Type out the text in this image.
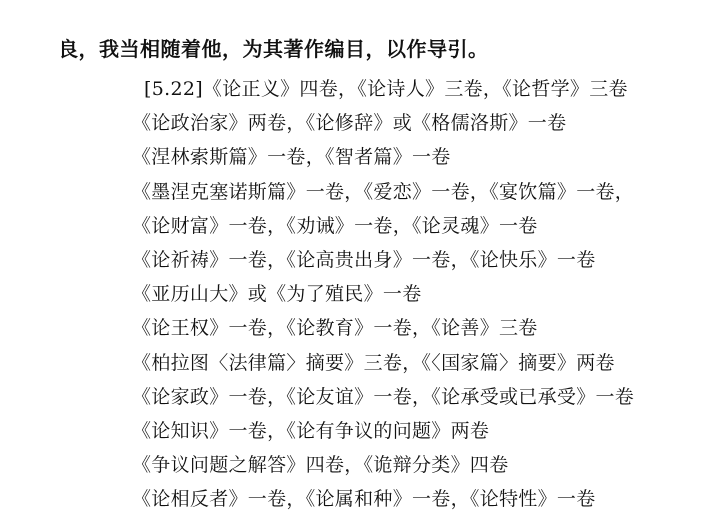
良，我当相随着他，为其著作编目，以作导引。
[5.22]《论正义》四卷，《论诗人》三卷，《论哲学》三卷
《论政治家》两卷，《论修辞》或《格儒洛斯》一卷
《涅林索斯篇》一卷，《智者篇》一卷
《墨涅克塞诺斯篇》一卷，《爱恋》一卷，《宴饮篇》一卷，
《论财富》一卷，《劝诫》一卷，《论灵魂》一卷
《论祈祷》一卷，《论高贵出身》一卷，《论快乐》一卷
《亚历山大》或《为了殖民》一卷
《论王权》一卷，《论教育》一卷，《论善》三卷
《柏拉图〈法律篇〉摘要》三卷，《〈国家篇〉摘要》两卷
《论家政》一卷，《论友谊》一卷，《论承受或已承受》一卷
《论知识》一卷，《论有争议的问题》两卷
《争议问题之解答》四卷，《诡辩分类》四卷
《论相反者》一卷，《论属和种》一卷，《论特性》一卷
